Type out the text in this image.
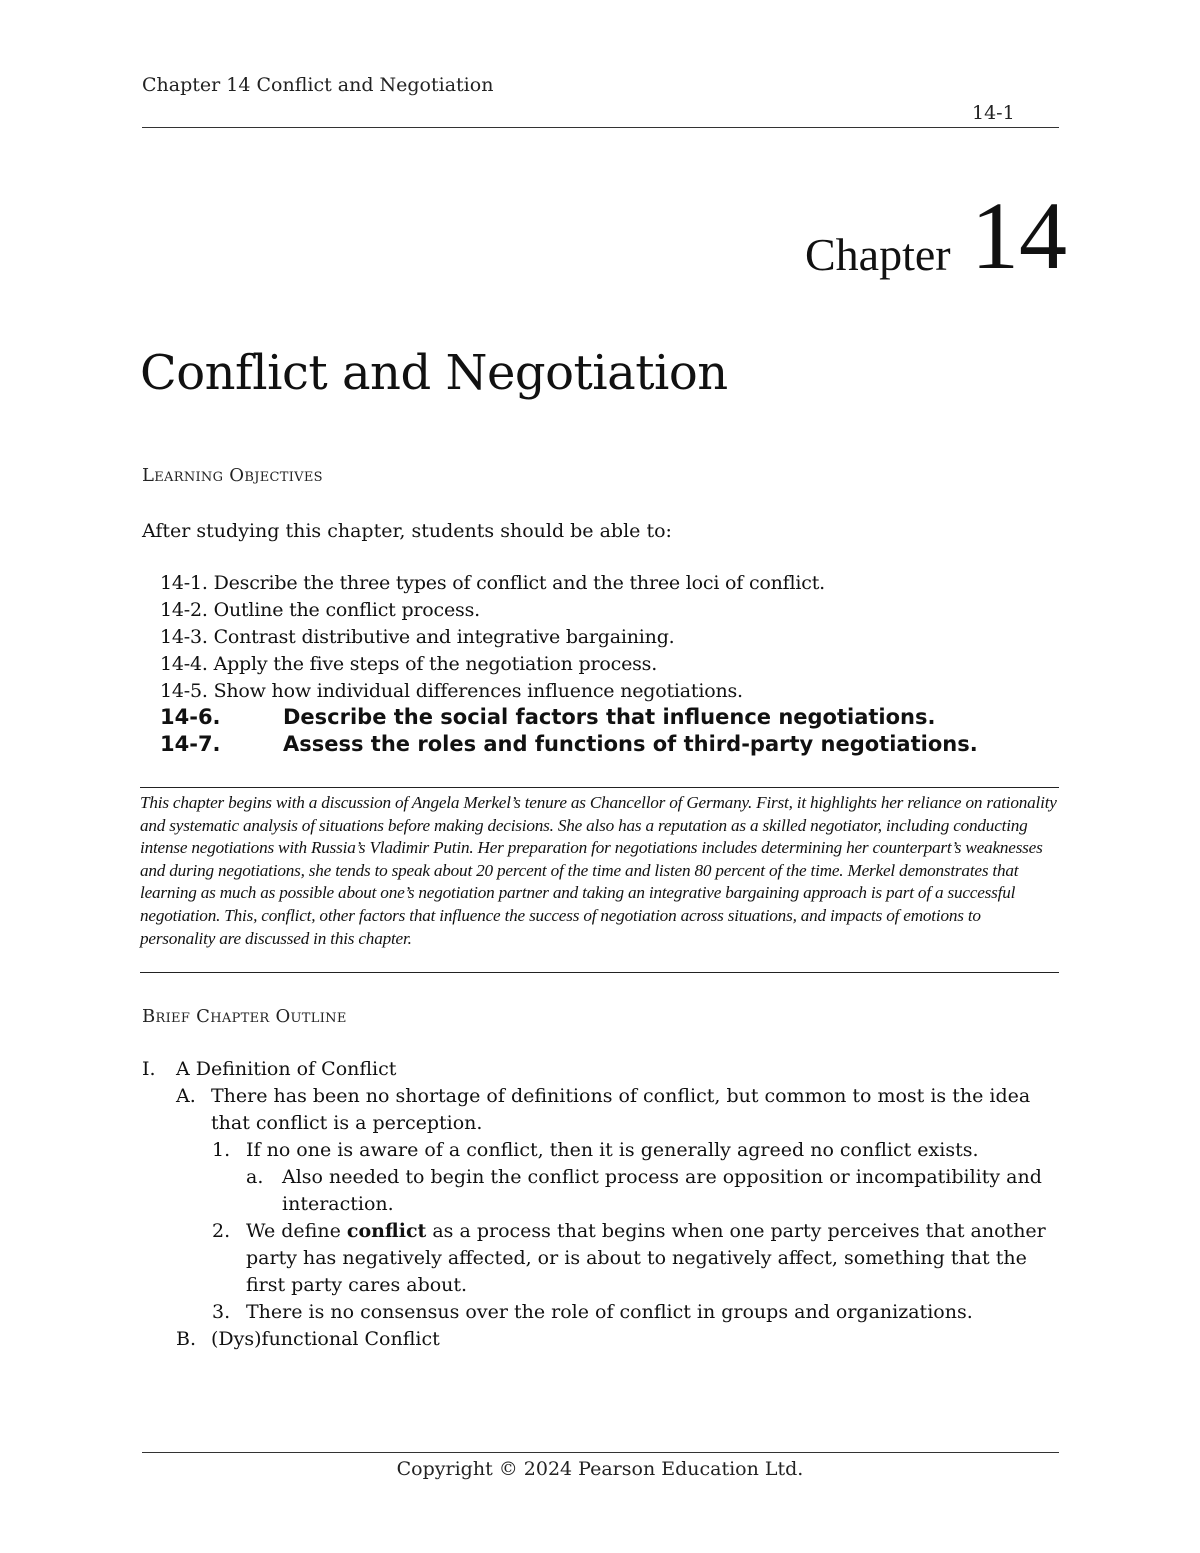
Chapter 14 Conflict and Negotiation
14-1
Chapter 14
Conflict and Negotiation
Learning Objectives
After studying this chapter, students should be able to:
14-1. Describe the three types of conflict and the three loci of conflict.
14-2. Outline the conflict process.
14-3. Contrast distributive and integrative bargaining.
14-4. Apply the five steps of the negotiation process.
14-5. Show how individual differences influence negotiations.
14-6.	Describe the social factors that influence negotiations.
14-7.	Assess the roles and functions of third-party negotiations.
This chapter begins with a discussion of Angela Merkel’s tenure as Chancellor of Germany. First, it highlights her reliance on rationality and systematic analysis of situations before making decisions. She also has a reputation as a skilled negotiator, including conducting intense negotiations with Russia’s Vladimir Putin. Her preparation for negotiations includes determining her counterpart’s weaknesses and during negotiations, she tends to speak about 20 percent of the time and listen 80 percent of the time. Merkel demonstrates that learning as much as possible about one’s negotiation partner and taking an integrative bargaining approach is part of a successful negotiation. This, conflict, other factors that influence the success of negotiation across situations, and impacts of emotions to personality are discussed in this chapter.
Brief Chapter Outline
I. A Definition of Conflict
A. There has been no shortage of definitions of conflict, but common to most is the idea that conflict is a perception.
1. If no one is aware of a conflict, then it is generally agreed no conflict exists.
a. Also needed to begin the conflict process are opposition or incompatibility and interaction.
2. We define conflict as a process that begins when one party perceives that another party has negatively affected, or is about to negatively affect, something that the first party cares about.
3. There is no consensus over the role of conflict in groups and organizations.
B. (Dys)functional Conflict
Copyright © 2024 Pearson Education Ltd.
